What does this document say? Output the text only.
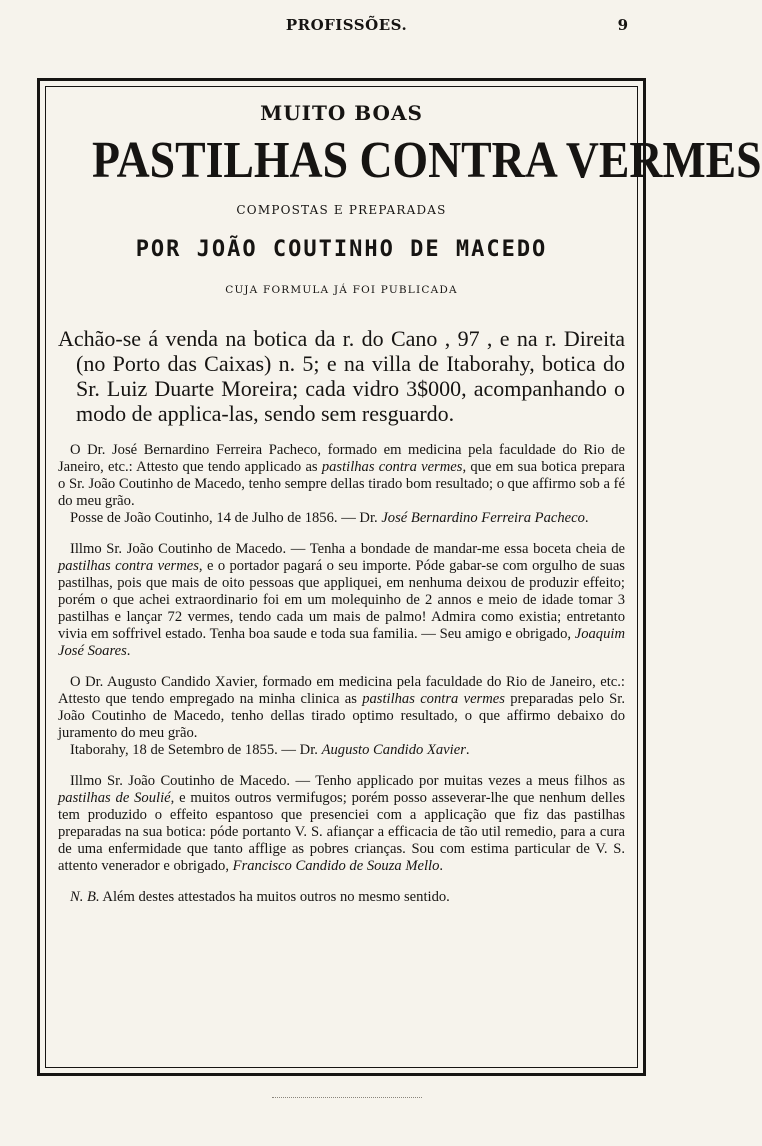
PROFISSÕES.	9
MUITO BOAS
PASTILHAS CONTRA VERMES
COMPOSTAS E PREPARADAS
POR JOÃO COUTINHO DE MACEDO
CUJA FORMULA JÁ FOI PUBLICADA
Achão-se á venda na botica da r. do Cano , 97 , e na r. Direita (no Porto das Caixas) n. 5; e na villa de Itaborahy, botica do Sr. Luiz Duarte Moreira; cada vidro 3$000, acompanhando o modo de applica-las, sendo sem resguardo.

O Dr. José Bernardino Ferreira Pacheco, formado em medicina pela faculdade do Rio de Janeiro, etc.: Attesto que tendo applicado as pastilhas contra vermes, que em sua botica prepara o Sr. João Coutinho de Macedo, tenho sempre dellas tirado bom resultado; o que affirmo sob a fé do meu grão.

Posse de João Coutinho, 14 de Julho de 1856. — Dr. José Bernardino Ferreira Pacheco.

Illmo Sr. João Coutinho de Macedo. — Tenha a bondade de mandar-me essa boceta cheia de pastilhas contra vermes, e o portador pagará o seu importe. Póde gabar-se com orgulho de suas pastilhas, pois que mais de oito pessoas que appliquei, em nenhuma deixou de produzir effeito; porém o que achei extraordinario foi em um molequinho de 2 annos e meio de idade tomar 3 pastilhas e lançar 72 vermes, tendo cada um mais de palmo! Admira como existia; entretanto vivia em soffrivel estado. Tenha boa saude e toda sua familia. — Seu amigo e obrigado, Joaquim José Soares.

O Dr. Augusto Candido Xavier, formado em medicina pela faculdade do Rio de Janeiro, etc.: Attesto que tendo empregado na minha clinica as pastilhas contra vermes preparadas pelo Sr. João Coutinho de Macedo, tenho dellas tirado optimo resultado, o que affirmo debaixo do juramento do meu grão.

Itaborahy, 18 de Setembro de 1855. — Dr. Augusto Candido Xavier.

Illmo Sr. João Coutinho de Macedo. — Tenho applicado por muitas vezes a meus filhos as pastilhas de Soulié, e muitos outros vermifugos; porém posso asseverar-lhe que nenhum delles tem produzido o effeito espantoso que presenciei com a applicação que fiz das pastilhas preparadas na sua botica: póde portanto V. S. afiançar a efficacia de tão util remedio, para a cura de uma enfermidade que tanto afflige as pobres crianças. Sou com estima particular de V. S. attento venerador e obrigado, Francisco Candido de Souza Mello.

N. B. Além destes attestados ha muitos outros no mesmo sentido.
